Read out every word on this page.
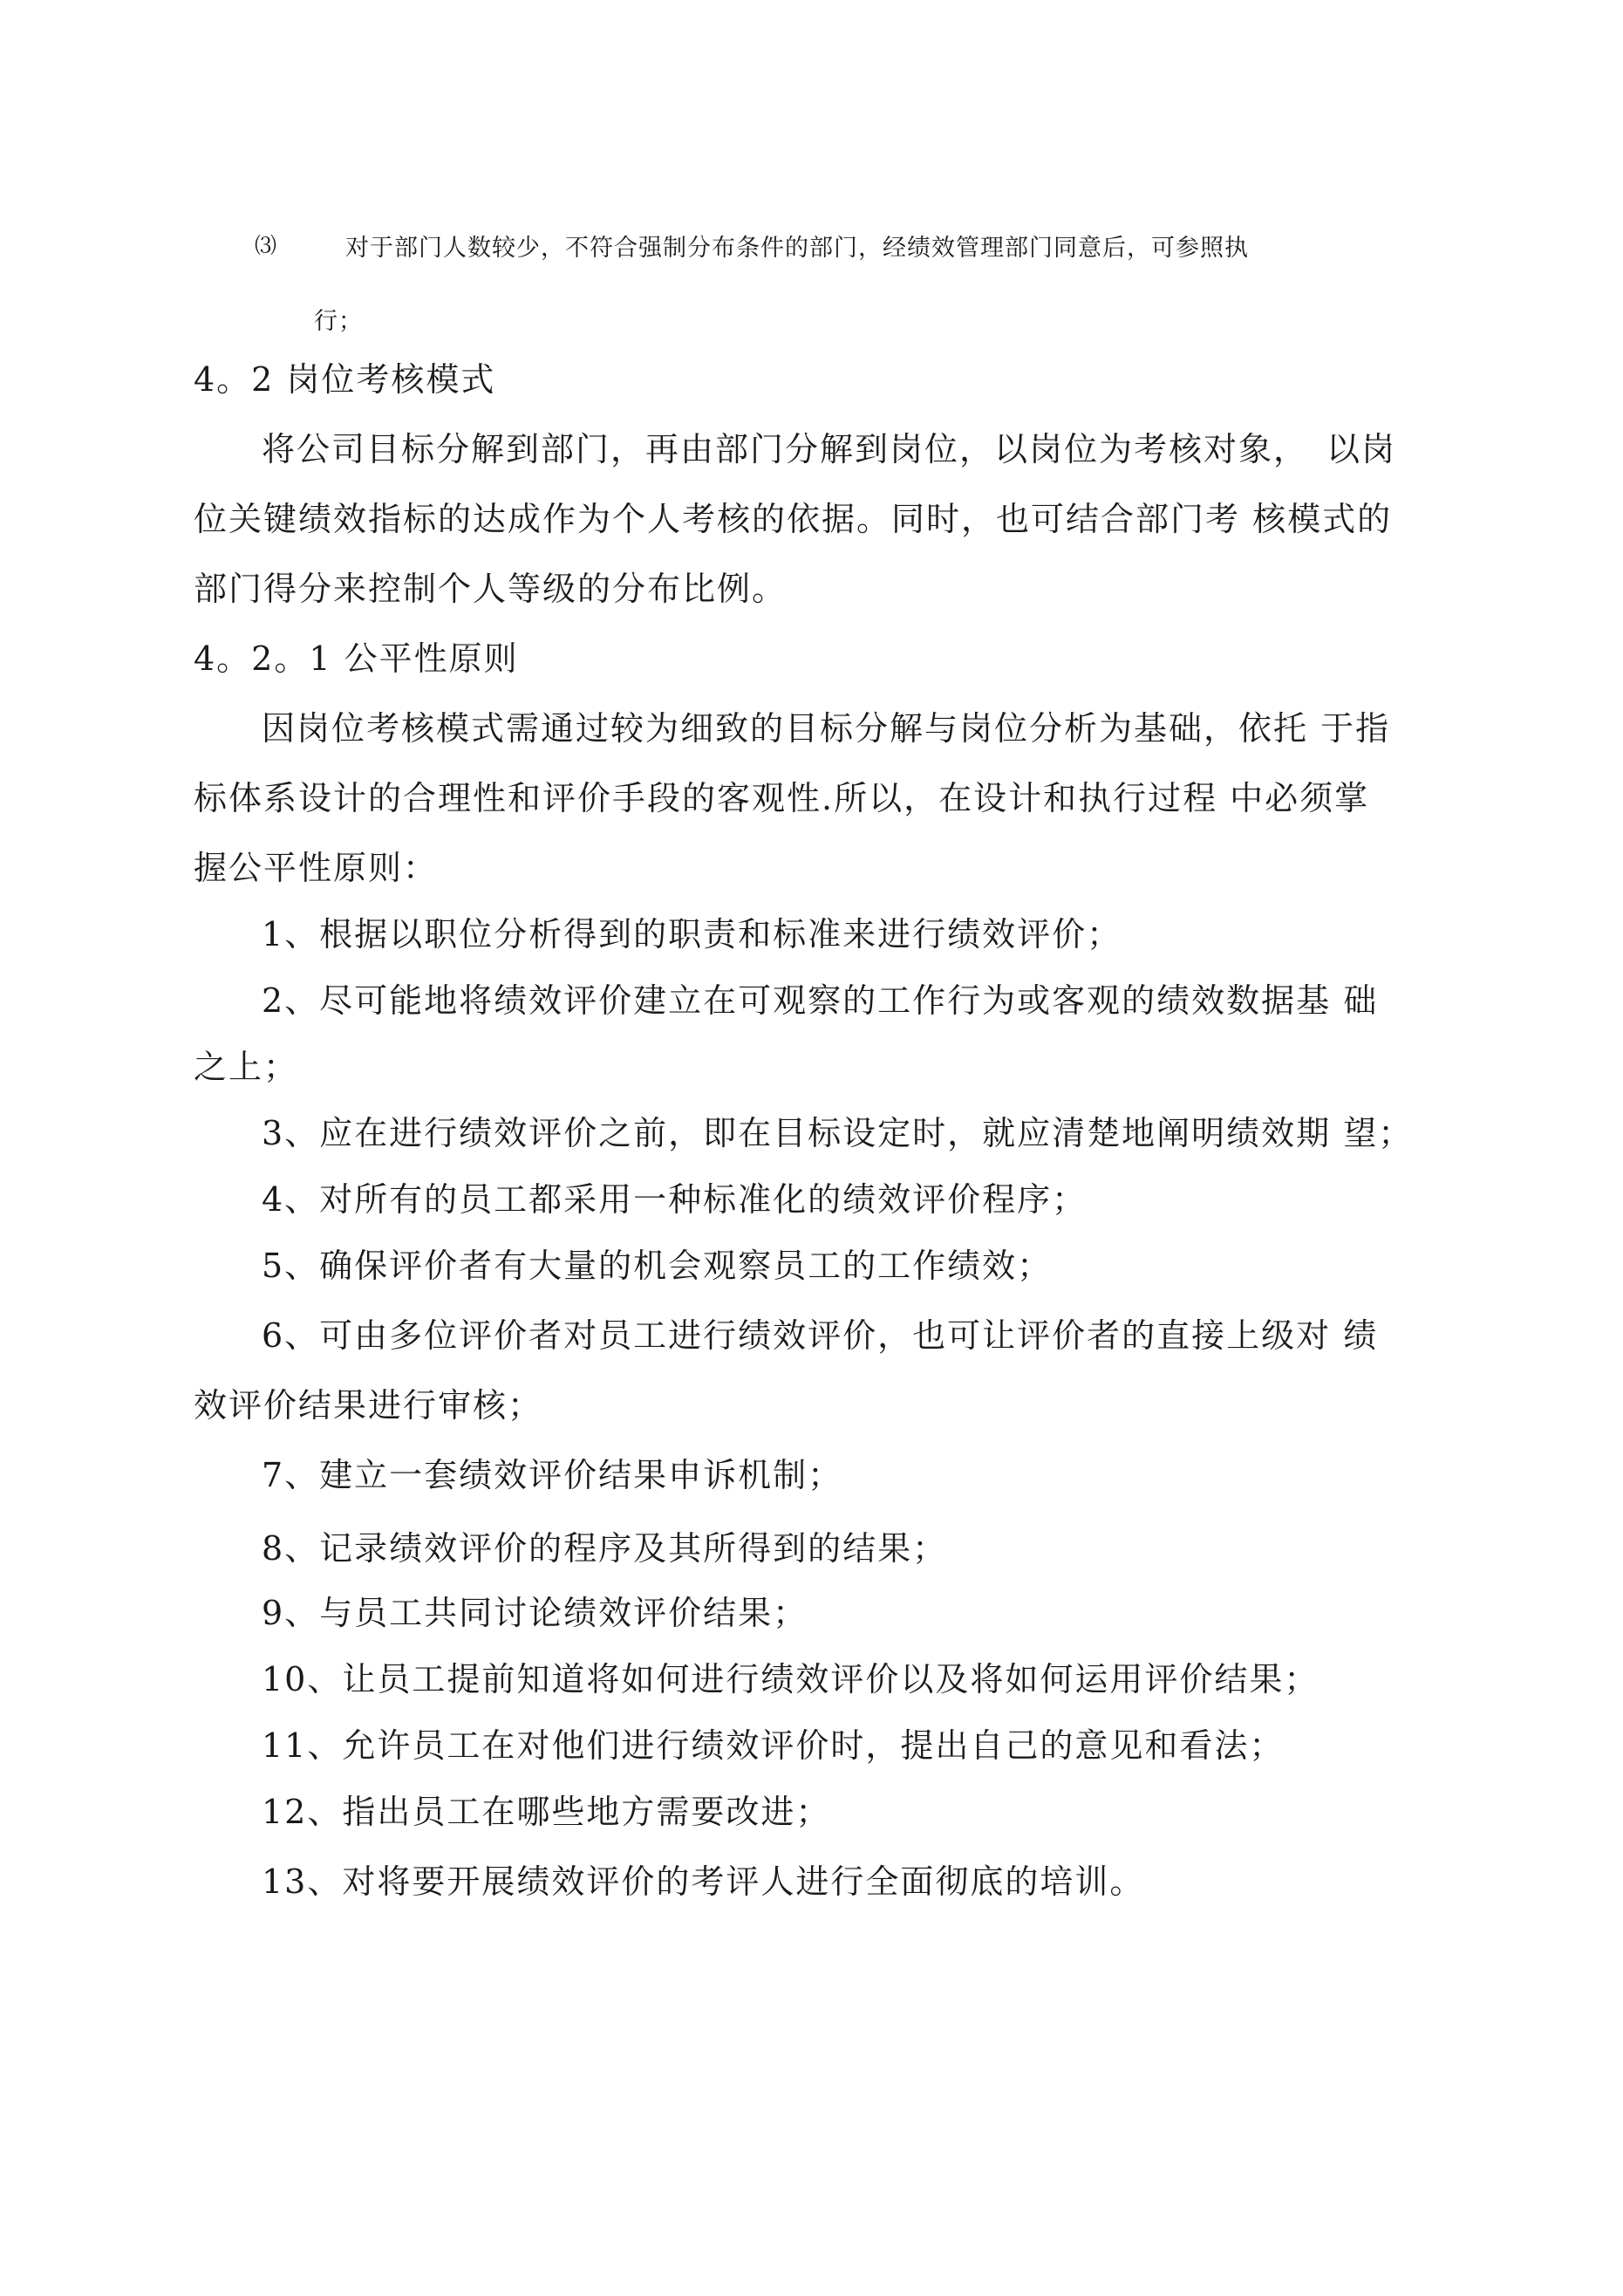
⑶	对于部门人数较少，不符合强制分布条件的部门，经绩效管理部门同意后，可参照执

行；

4。2 岗位考核模式

将公司目标分解到部门，再由部门分解到岗位，以岗位为考核对象，　以岗

位关键绩效指标的达成作为个人考核的依据。同时，也可结合部门考 核模式的

部门得分来控制个人等级的分布比例。

4。2。1 公平性原则

因岗位考核模式需通过较为细致的目标分解与岗位分析为基础，依托 于指

标体系设计的合理性和评价手段的客观性.所以，在设计和执行过程 中必须掌

握公平性原则：

1、根据以职位分析得到的职责和标准来进行绩效评价；

2、尽可能地将绩效评价建立在可观察的工作行为或客观的绩效数据基 础

之上；

3、应在进行绩效评价之前，即在目标设定时，就应清楚地阐明绩效期 望；

4、对所有的员工都采用一种标准化的绩效评价程序；

5、确保评价者有大量的机会观察员工的工作绩效；

6、可由多位评价者对员工进行绩效评价，也可让评价者的直接上级对 绩

效评价结果进行审核；

7、建立一套绩效评价结果申诉机制；

8、记录绩效评价的程序及其所得到的结果；

9、与员工共同讨论绩效评价结果；

10、让员工提前知道将如何进行绩效评价以及将如何运用评价结果；

11、允许员工在对他们进行绩效评价时，提出自己的意见和看法；

12、指出员工在哪些地方需要改进；

13、对将要开展绩效评价的考评人进行全面彻底的培训。
